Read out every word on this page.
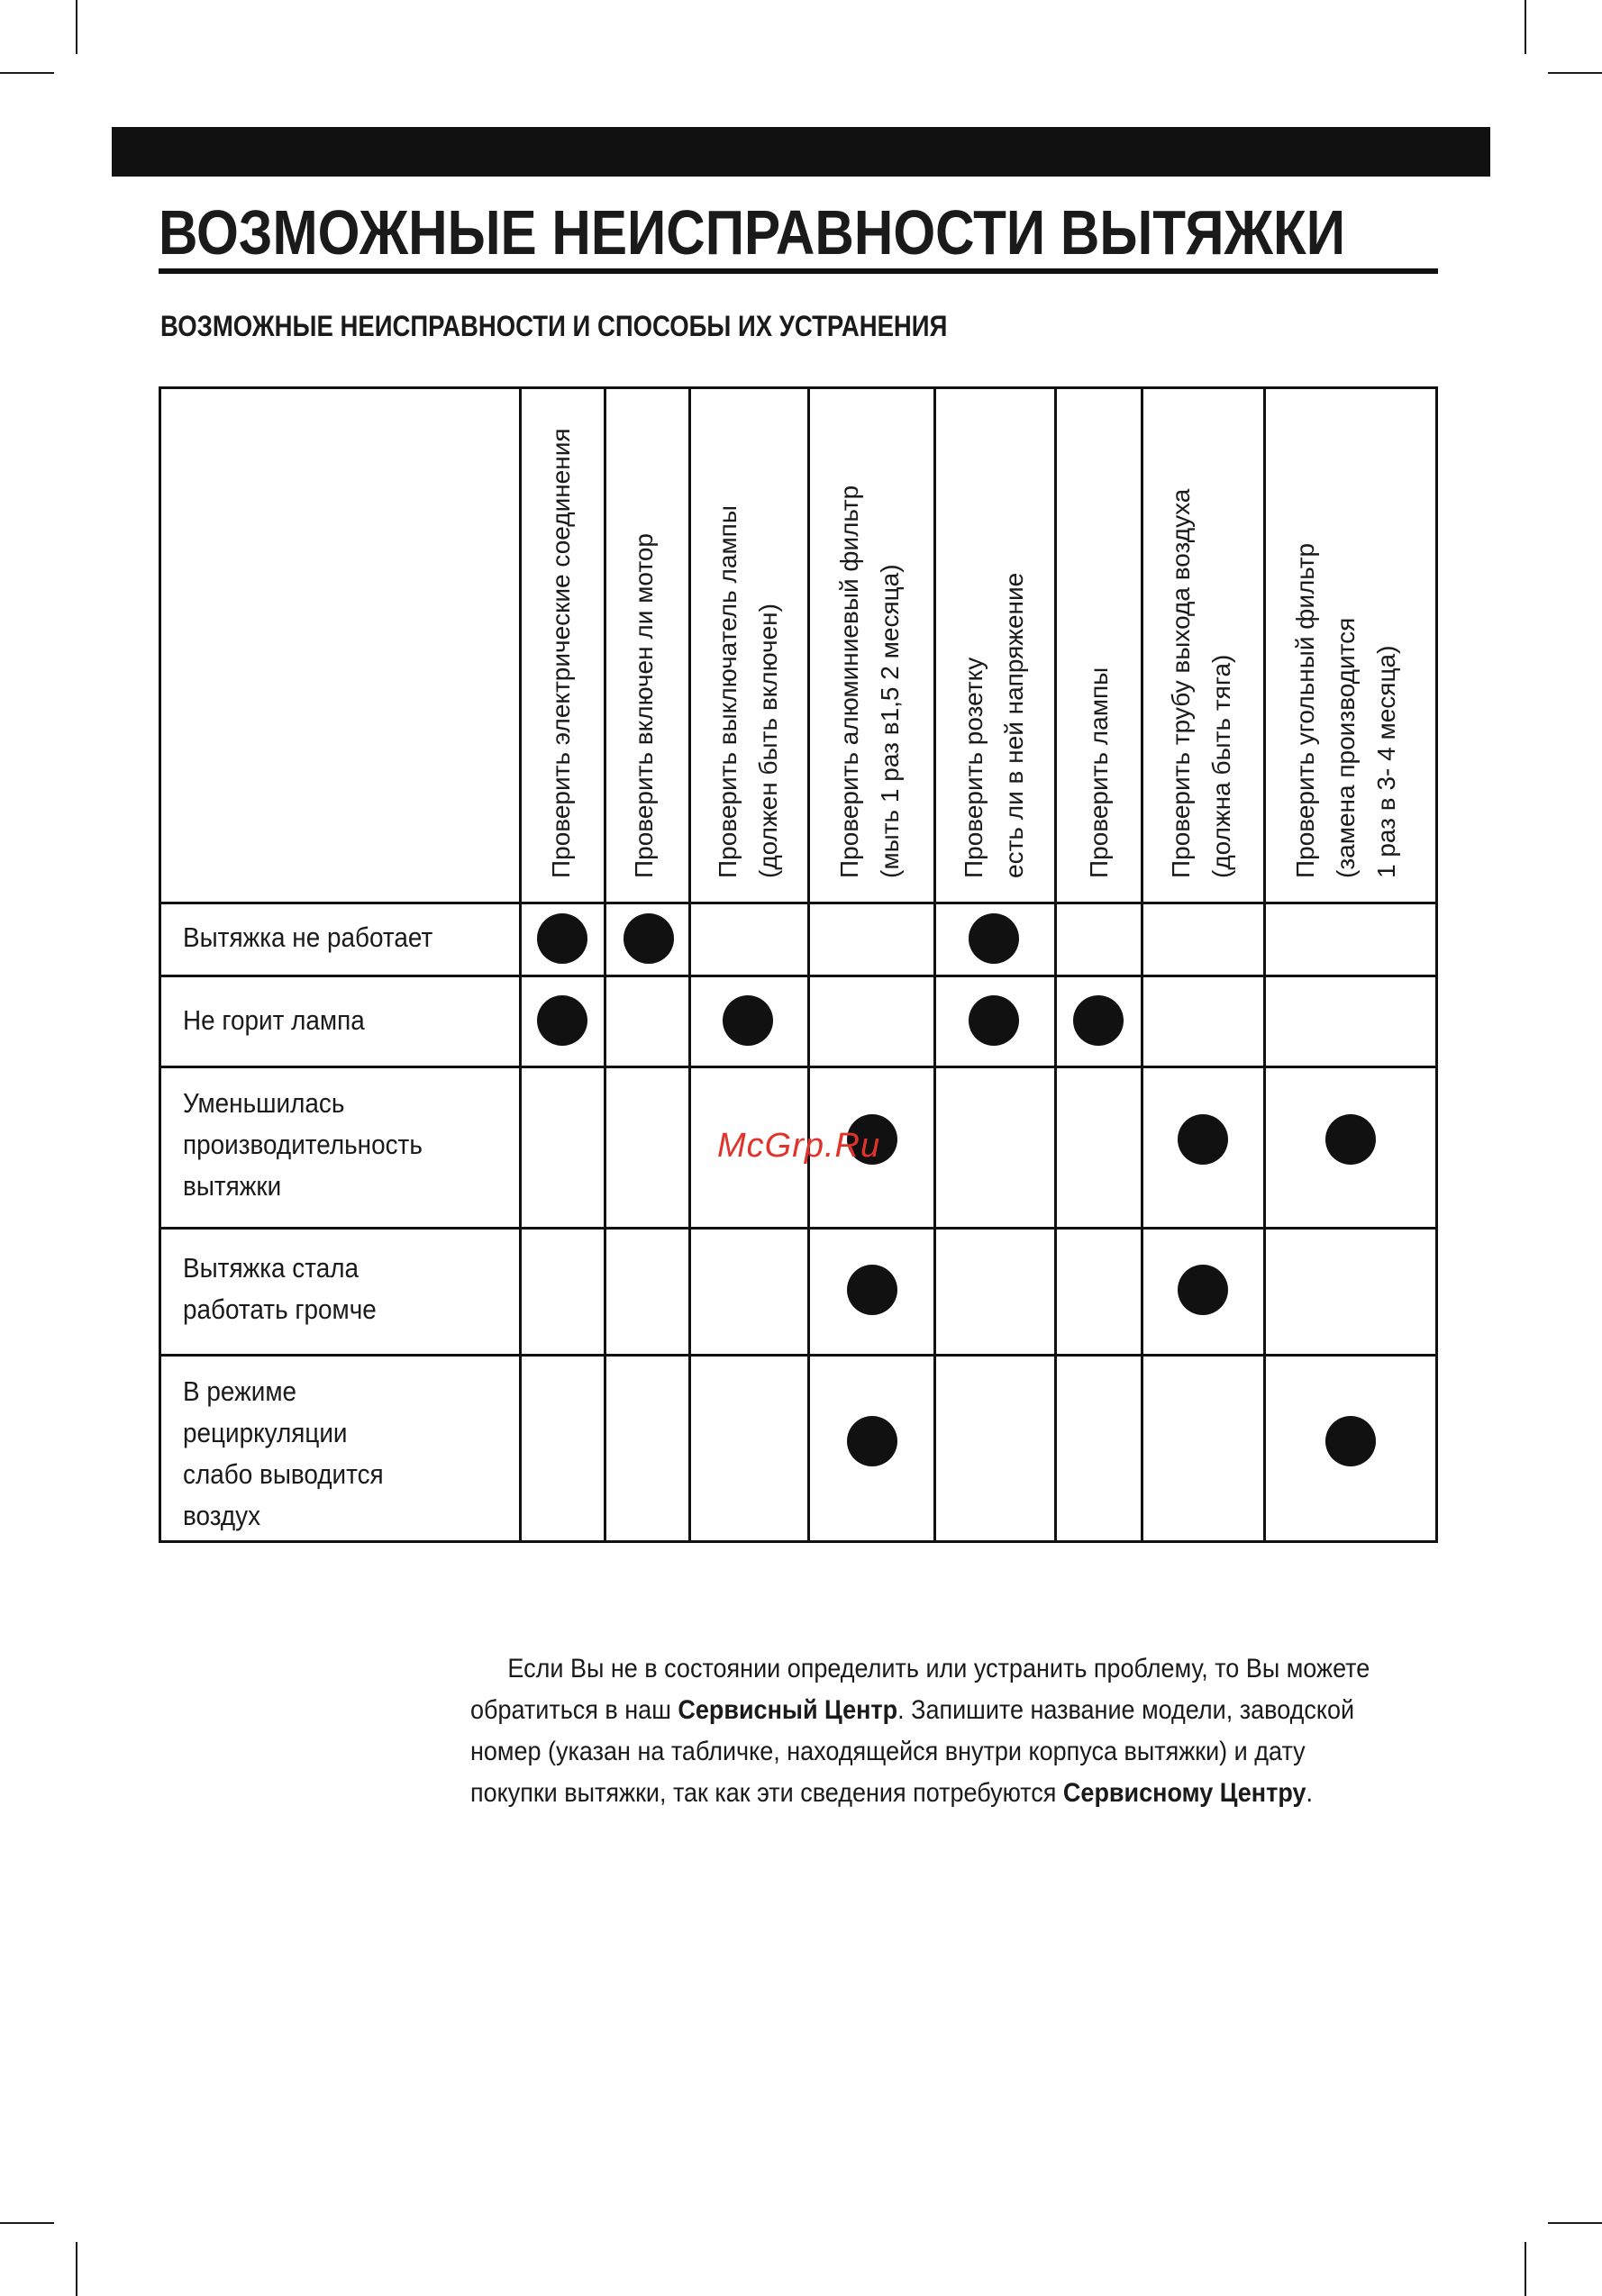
ВОЗМОЖНЫЕ НЕИСПРАВНОСТИ ВЫТЯЖКИ
ВОЗМОЖНЫЕ НЕИСПРАВНОСТИ И СПОСОБЫ ИХ УСТРАНЕНИЯ
Проверить электрические соединения Проверить включен ли мотор Проверить выключатель лампы (должен быть включен) Проверить алюминиевый фильтр (мыть 1 раз в1,5 2 месяца) Проверить розетку есть ли в ней напряжение Проверить лампы Проверить трубу выхода воздуха (должна быть тяга) Проверить угольный фильтр (замена производится 1 раз в 3- 4 месяца)
Вытяжка не работает
Не горит лампа
Уменьшилась
производительность
вытяжки
Вытяжка стала
работать громче
В режиме
рециркуляции
слабо выводится
воздух
McGrp.Ru
Если Вы не в состоянии определить или устранить проблему, то Вы можете
обратиться в наш Сервисный Центр. Запишите название модели, заводской
номер (указан на табличке, находящейся внутри корпуса вытяжки) и дату
покупки вытяжки, так как эти сведения потребуются Сервисному Центру.
